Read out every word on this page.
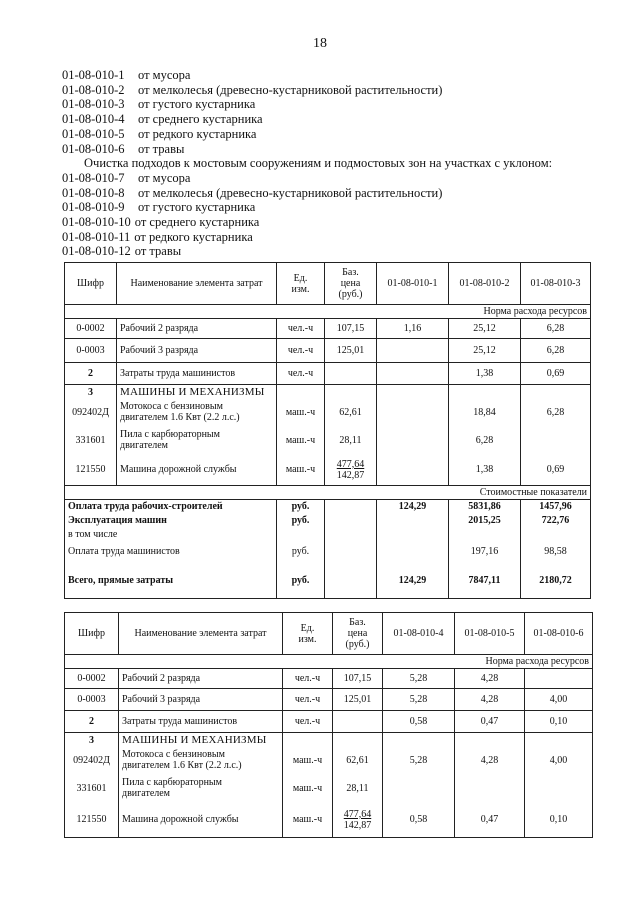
18
01-08-010-1 от мусора
01-08-010-2 от мелколесья (древесно-кустарниковой растительности)
01-08-010-3 от густого кустарника
01-08-010-4 от среднего кустарника
01-08-010-5 от редкого кустарника
01-08-010-6 от травы
Очистка подходов к мостовым сооружениям и подмостовых зон на участках с уклоном:
01-08-010-7 от мусора
01-08-010-8 от мелколесья (древесно-кустарниковой растительности)
01-08-010-9 от густого кустарника
01-08-010-10 от среднего кустарника
01-08-010-11 от редкого кустарника
01-08-010-12 от травы
Шифр	Наименование элемента затрат	Ед.
изм.	Баз.
цена
(руб.)	01-08-010-1	01-08-010-2	01-08-010-3
Норма расхода ресурсов						
0-0002	Рабочий 2 разряда	чел.-ч	107,15	1,16	25,12	6,28
0-0003	Рабочий 3 разряда	чел.-ч	125,01		25,12	6,28
2	Затраты труда машинистов	чел.-ч			1,38	0,69
3	МАШИНЫ И МЕХАНИЗМЫ					
092402Д	Мотокоса с бензиновым
двигателем 1.6 Квт (2.2 л.с.)	маш.-ч	62,61		18,84	6,28
331601	Пила с карбюраторным
двигателем	маш.-ч	28,11		6,28	
121550	Машина дорожной службы	маш.-ч	477,64
142,87		1,38	0,69
Стоимостные показатели						
Оплата труда рабочих-строителей		руб.		124,29	5831,86	1457,96
Эксплуатация машин		руб.			2015,25	722,76
в том числе						
Оплата труда машинистов		руб.			197,16	98,58
Всего, прямые затраты		руб.		124,29	7847,11	2180,72
Шифр	Наименование элемента затрат	Ед.
изм.	Баз.
цена
(руб.)	01-08-010-4	01-08-010-5	01-08-010-6
Норма расхода ресурсов						
0-0002	Рабочий 2 разряда	чел.-ч	107,15	5,28	4,28	
0-0003	Рабочий 3 разряда	чел.-ч	125,01	5,28	4,28	4,00
2	Затраты труда машинистов	чел.-ч		0,58	0,47	0,10
3	МАШИНЫ И МЕХАНИЗМЫ					
092402Д	Мотокоса с бензиновым
двигателем 1.6 Квт (2.2 л.с.)	маш.-ч	62,61	5,28	4,28	4,00
331601	Пила с карбюраторным
двигателем	маш.-ч	28,11			
121550	Машина дорожной службы	маш.-ч	477,64
142,87	0,58	0,47	0,10
